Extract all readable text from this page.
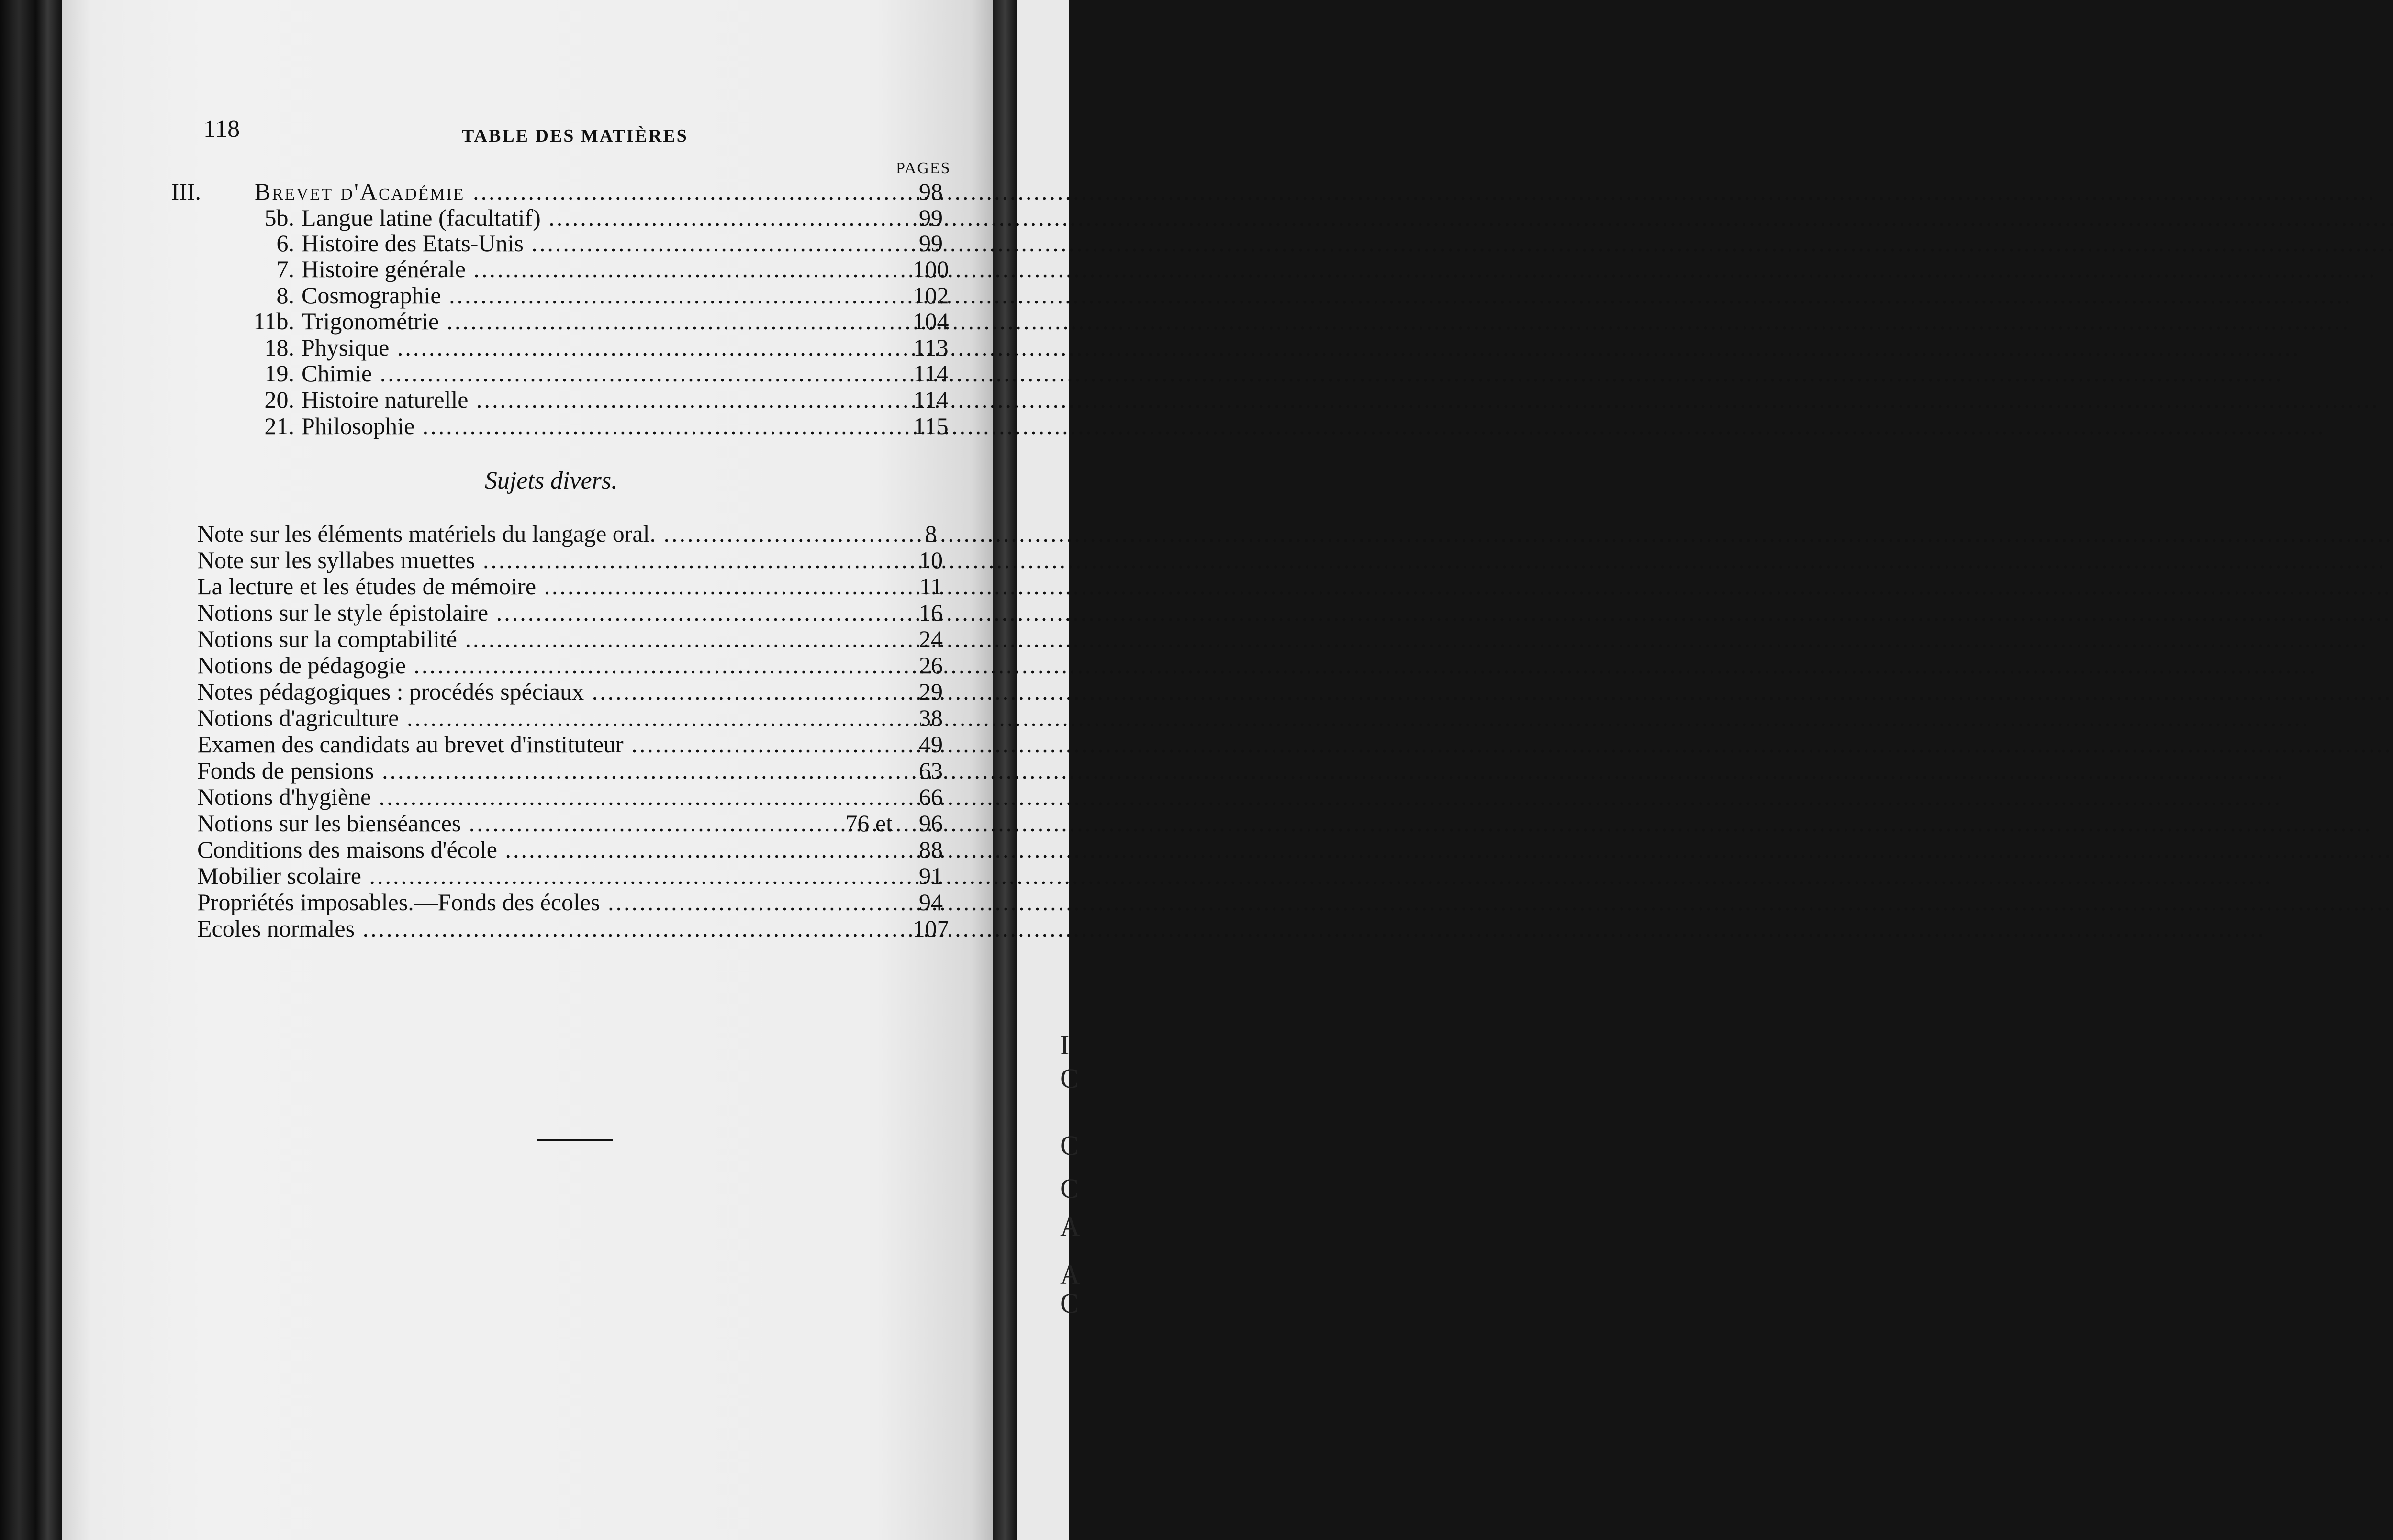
I
C
C
C
A
A
C
118	TABLE DES MATIÈRES
PAGES
III. Brevet d'Académie .....	98
5b. Langue latine (facultatif) .....	99
6. Histoire des Etats-Unis .....	99
7. Histoire générale .....	100
8. Cosmographie .....	102
11b. Trigonométrie .....	104
18. Physique .....	113
19. Chimie .....	114
20. Histoire naturelle .....	114
21. Philosophie .....	115
Sujets divers.
Note sur les éléments matériels du langage oral. .....	8
Note sur les syllabes muettes .....	10
La lecture et les études de mémoire .....	11
Notions sur le style épistolaire .....	16
Notions sur la comptabilité .....	24
Notions de pédagogie .....	26
Notes pédagogiques : procédés spéciaux .....	29
Notions d'agriculture .....	38
Examen des candidats au brevet d'instituteur .....	49
Fonds de pensions .....	63
Notions d'hygiène .....	66
Notions sur les bienséances .....	76 et	96
Conditions des maisons d'école .....	88
Mobilier scolaire .....	91
Propriétés imposables.—Fonds des écoles .....	94
Ecoles normales .....	107
